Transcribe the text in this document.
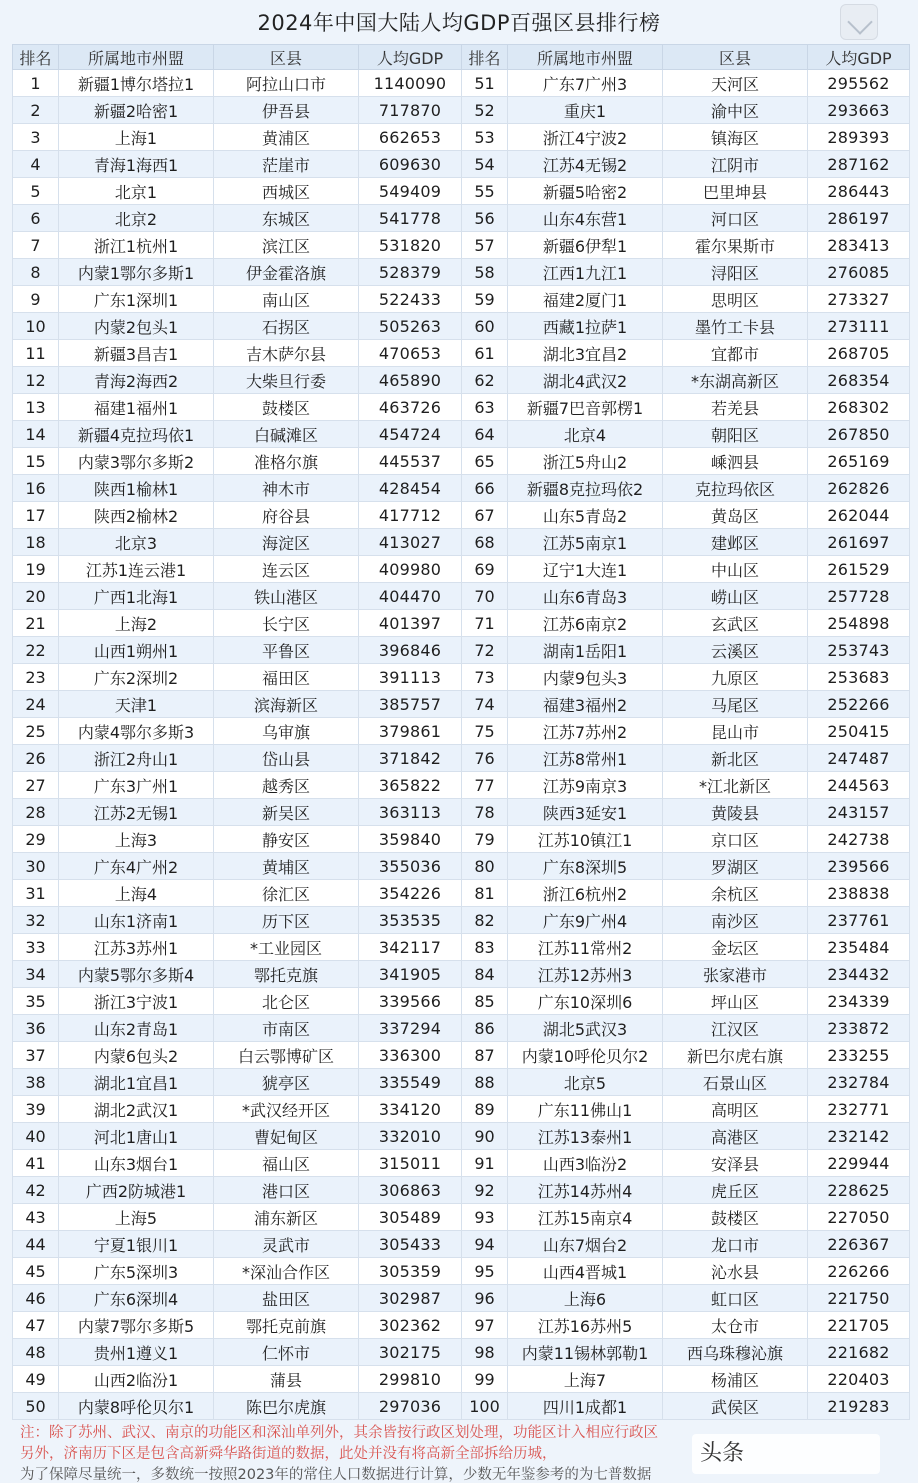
2024年中国大陆人均GDP百强区县排行榜
排名	所属地市州盟	区县	人均GDP	排名	所属地市州盟	区县	人均GDP
1	新疆1博尔塔拉1	阿拉山口市	1140090	51	广东7广州3	天河区	295562
2	新疆2哈密1	伊吾县	717870	52	重庆1	渝中区	293663
3	上海1	黄浦区	662653	53	浙江4宁波2	镇海区	289393
4	青海1海西1	茫崖市	609630	54	江苏4无锡2	江阴市	287162
5	北京1	西城区	549409	55	新疆5哈密2	巴里坤县	286443
6	北京2	东城区	541778	56	山东4东营1	河口区	286197
7	浙江1杭州1	滨江区	531820	57	新疆6伊犁1	霍尔果斯市	283413
8	内蒙1鄂尔多斯1	伊金霍洛旗	528379	58	江西1九江1	浔阳区	276085
9	广东1深圳1	南山区	522433	59	福建2厦门1	思明区	273327
10	内蒙2包头1	石拐区	505263	60	西藏1拉萨1	墨竹工卡县	273111
11	新疆3昌吉1	吉木萨尔县	470653	61	湖北3宜昌2	宜都市	268705
12	青海2海西2	大柴旦行委	465890	62	湖北4武汉2	*东湖高新区	268354
13	福建1福州1	鼓楼区	463726	63	新疆7巴音郭楞1	若羌县	268302
14	新疆4克拉玛依1	白碱滩区	454724	64	北京4	朝阳区	267850
15	内蒙3鄂尔多斯2	准格尔旗	445537	65	浙江5舟山2	嵊泗县	265169
16	陕西1榆林1	神木市	428454	66	新疆8克拉玛依2	克拉玛依区	262826
17	陕西2榆林2	府谷县	417712	67	山东5青岛2	黄岛区	262044
18	北京3	海淀区	413027	68	江苏5南京1	建邺区	261697
19	江苏1连云港1	连云区	409980	69	辽宁1大连1	中山区	261529
20	广西1北海1	铁山港区	404470	70	山东6青岛3	崂山区	257728
21	上海2	长宁区	401397	71	江苏6南京2	玄武区	254898
22	山西1朔州1	平鲁区	396846	72	湖南1岳阳1	云溪区	253743
23	广东2深圳2	福田区	391113	73	内蒙9包头3	九原区	253683
24	天津1	滨海新区	385757	74	福建3福州2	马尾区	252266
25	内蒙4鄂尔多斯3	乌审旗	379861	75	江苏7苏州2	昆山市	250415
26	浙江2舟山1	岱山县	371842	76	江苏8常州1	新北区	247487
27	广东3广州1	越秀区	365822	77	江苏9南京3	*江北新区	244563
28	江苏2无锡1	新吴区	363113	78	陕西3延安1	黄陵县	243157
29	上海3	静安区	359840	79	江苏10镇江1	京口区	242738
30	广东4广州2	黄埔区	355036	80	广东8深圳5	罗湖区	239566
31	上海4	徐汇区	354226	81	浙江6杭州2	余杭区	238838
32	山东1济南1	历下区	353535	82	广东9广州4	南沙区	237761
33	江苏3苏州1	*工业园区	342117	83	江苏11常州2	金坛区	235484
34	内蒙5鄂尔多斯4	鄂托克旗	341905	84	江苏12苏州3	张家港市	234432
35	浙江3宁波1	北仑区	339566	85	广东10深圳6	坪山区	234339
36	山东2青岛1	市南区	337294	86	湖北5武汉3	江汉区	233872
37	内蒙6包头2	白云鄂博矿区	336300	87	内蒙10呼伦贝尔2	新巴尔虎右旗	233255
38	湖北1宜昌1	猇亭区	335549	88	北京5	石景山区	232784
39	湖北2武汉1	*武汉经开区	334120	89	广东11佛山1	高明区	232771
40	河北1唐山1	曹妃甸区	332010	90	江苏13泰州1	高港区	232142
41	山东3烟台1	福山区	315011	91	山西3临汾2	安泽县	229944
42	广西2防城港1	港口区	306863	92	江苏14苏州4	虎丘区	228625
43	上海5	浦东新区	305489	93	江苏15南京4	鼓楼区	227050
44	宁夏1银川1	灵武市	305433	94	山东7烟台2	龙口市	226367
45	广东5深圳3	*深汕合作区	305359	95	山西4晋城1	沁水县	226266
46	广东6深圳4	盐田区	302987	96	上海6	虹口区	221750
47	内蒙7鄂尔多斯5	鄂托克前旗	302362	97	江苏16苏州5	太仓市	221705
48	贵州1遵义1	仁怀市	302175	98	内蒙11锡林郭勒1	西乌珠穆沁旗	221682
49	山西2临汾1	蒲县	299810	99	上海7	杨浦区	220403
50	内蒙8呼伦贝尔1	陈巴尔虎旗	297036	100	四川1成都1	武侯区	219283
注：除了苏州、武汉、南京的功能区和深汕单列外，其余皆按行政区划处理，功能区计入相应行政区
另外，济南历下区是包含高新舜华路街道的数据，此处并没有将高新全部拆给历城，
为了保障尽量统一，多数统一按照2023年的常住人口数据进行计算，少数无年鉴参考的为七普数据
头条
